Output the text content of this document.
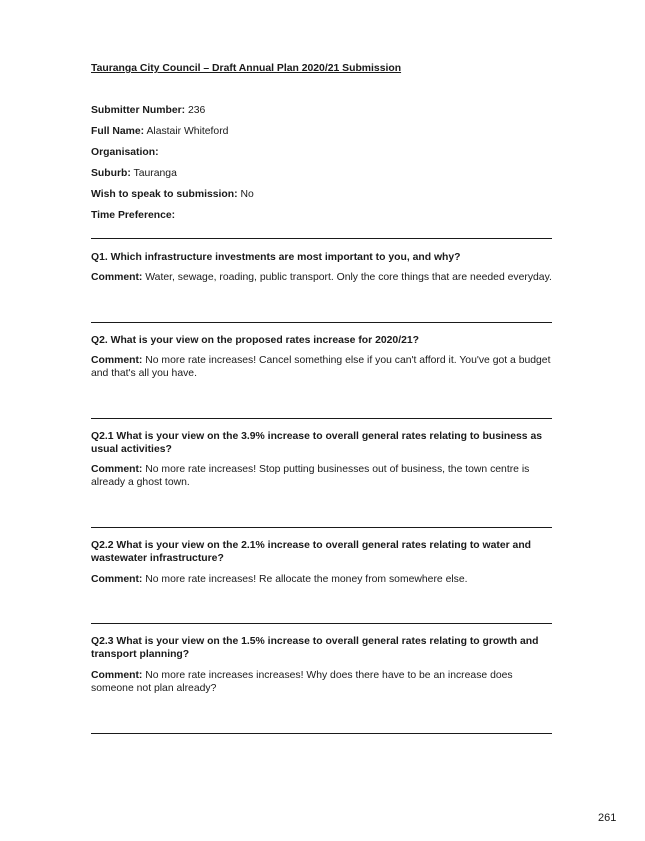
Tauranga City Council – Draft Annual Plan 2020/21 Submission
Submitter Number: 236
Full Name: Alastair Whiteford
Organisation:
Suburb: Tauranga
Wish to speak to submission: No
Time Preference:
Q1. Which infrastructure investments are most important to you, and why?
Comment: Water, sewage, roading, public transport. Only the core things that are needed everyday.
Q2. What is your view on the proposed rates increase for 2020/21?
Comment: No more rate increases! Cancel something else if you can't afford it. You've got a budget and that's all you have.
Q2.1 What is your view on the 3.9% increase to overall general rates relating to business as usual activities?
Comment: No more rate increases! Stop putting businesses out of business, the town centre is already a ghost town.
Q2.2 What is your view on the 2.1% increase to overall general rates relating to water and wastewater infrastructure?
Comment: No more rate increases! Re allocate the money from somewhere else.
Q2.3 What is your view on the 1.5% increase to overall general rates relating to growth and transport planning?
Comment: No more rate increases increases! Why does there have to be an increase does someone not plan already?
261
